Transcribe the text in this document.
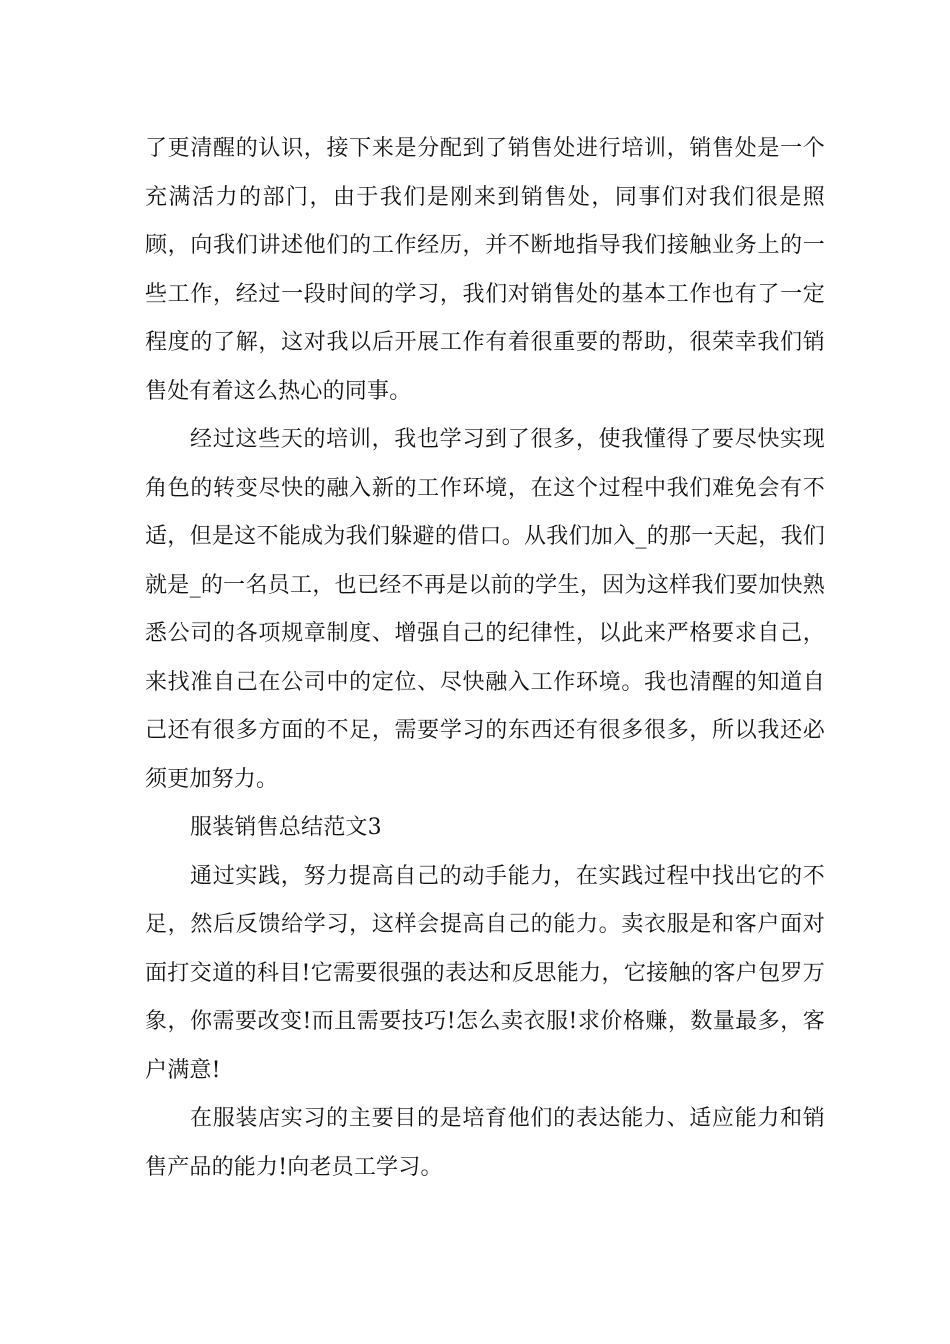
了更清醒的认识，接下来是分配到了销售处进行培训，销售处是一个充满活力的部门，由于我们是刚来到销售处，同事们对我们很是照顾，向我们讲述他们的工作经历，并不断地指导我们接触业务上的一些工作，经过一段时间的学习，我们对销售处的基本工作也有了一定程度的了解，这对我以后开展工作有着很重要的帮助，很荣幸我们销售处有着这么热心的同事。

经过这些天的培训，我也学习到了很多，使我懂得了要尽快实现角色的转变尽快的融入新的工作环境，在这个过程中我们难免会有不适，但是这不能成为我们躲避的借口。从我们加入_的那一天起，我们就是_的一名员工，也已经不再是以前的学生，因为这样我们要加快熟悉公司的各项规章制度、增强自己的纪律性，以此来严格要求自己，来找准自己在公司中的定位、尽快融入工作环境。我也清醒的知道自己还有很多方面的不足，需要学习的东西还有很多很多，所以我还必须更加努力。

服装销售总结范文3

通过实践，努力提高自己的动手能力，在实践过程中找出它的不足，然后反馈给学习，这样会提高自己的能力。卖衣服是和客户面对面打交道的科目!它需要很强的表达和反思能力，它接触的客户包罗万象，你需要改变!而且需要技巧!怎么卖衣服!求价格赚，数量最多，客户满意!

在服装店实习的主要目的是培育他们的表达能力、适应能力和销售产品的能力!向老员工学习。
